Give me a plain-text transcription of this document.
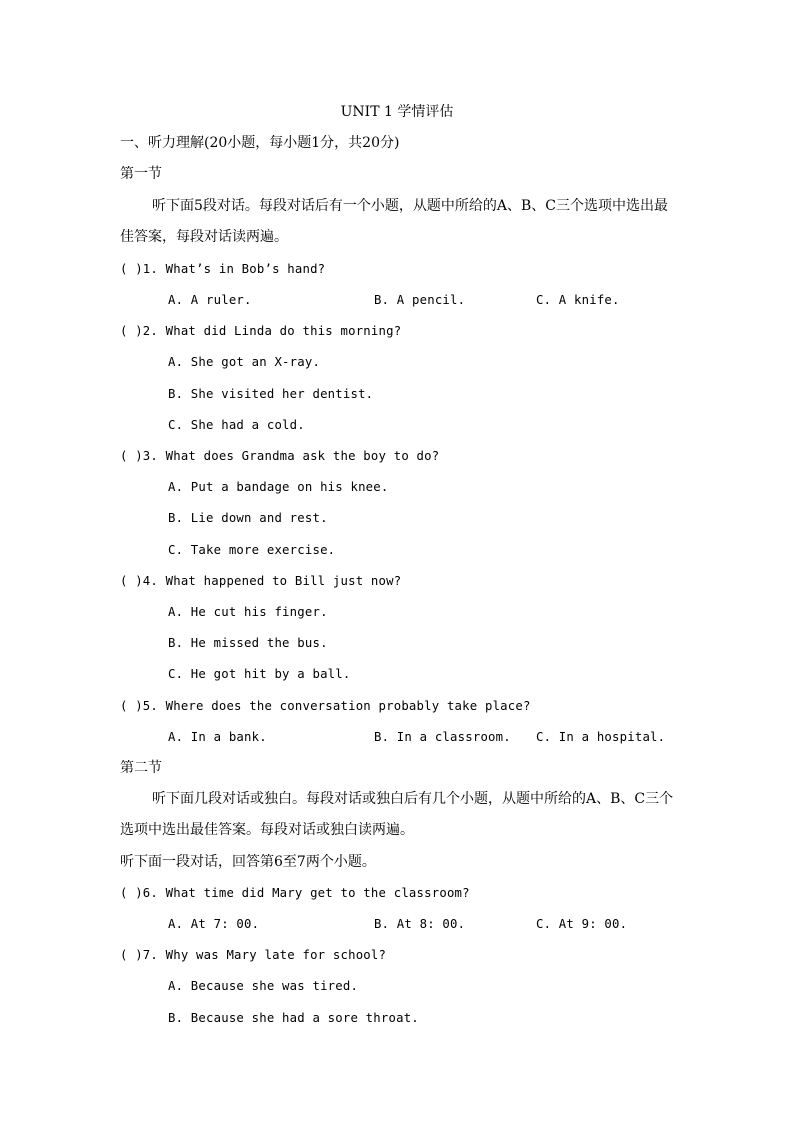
UNIT 1 学情评估
一、听力理解(20小题，每小题1分，共20分)
第一节
听下面5段对话。每段对话后有一个小题，从题中所给的A、B、C三个选项中选出最
佳答案，每段对话读两遍。
( )1. What’s in Bob’s hand?
A. A ruler.	B. A pencil.	C. A knife.
( )2. What did Linda do this morning?
A. She got an X-ray.
B. She visited her dentist.
C. She had a cold.
( )3. What does Grandma ask the boy to do?
A. Put a bandage on his knee.
B. Lie down and rest.
C. Take more exercise.
( )4. What happened to Bill just now?
A. He cut his finger.
B. He missed the bus.
C. He got hit by a ball.
( )5. Where does the conversation probably take place?
A. In a bank.	B. In a classroom. C. In a hospital.
第二节
听下面几段对话或独白。每段对话或独白后有几个小题，从题中所给的A、B、C三个
选项中选出最佳答案。每段对话或独白读两遍。
听下面一段对话，回答第6至7两个小题。
( )6. What time did Mary get to the classroom?
A. At 7: 00.	B. At 8: 00.	C. At 9: 00.
( )7. Why was Mary late for school?
A. Because she was tired.
B. Because she had a sore throat.
